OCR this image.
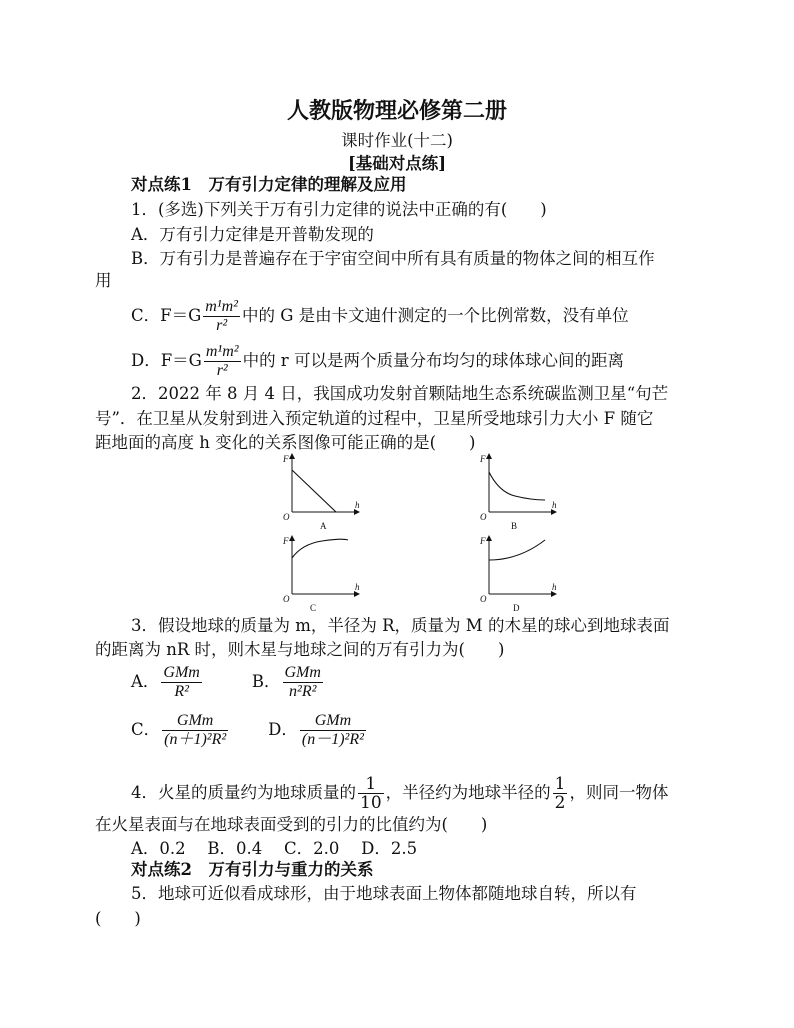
人教版物理必修第二册
课时作业(十二)
[基础对点练]
对点练1　万有引力定律的理解及应用
1．(多选)下列关于万有引力定律的说法中正确的有(　　)
A．万有引力定律是开普勒发现的
B．万有引力是普遍存在于宇宙空间中所有具有质量的物体之间的相互作
用
C．$F=G \frac{\text{m¹m²}}{\text{r²}}$ 中的 G 是由卡文迪什测定的一个比例常数，没有单位
D．$F=G \frac{\text{m¹m²}}{\text{r²}}$ 中的 r 可以是两个质量分布均匀的球体球心间的距离
2．2022 年 8 月 4 日，我国成功发射首颗陆地生态系统碳监测卫星“句芒
号”．在卫星从发射到进入预定轨道的过程中，卫星所受地球引力大小 F 随它
距地面的高度 h 变化的关系图像可能正确的是(　　)
F
h
O
A
F
h
O
B
F
h
O
C
F
h
O
D
3．假设地球的质量为 m，半径为 R，质量为 M 的木星的球心到地球表面
的距离为 nR 时，则木星与地球之间的万有引力为(　　)
A． $\frac{\text{GMm}}{\text{R²}}$	B． $\frac{\text{GMm}}{\text{n²R²}}$
C． $\frac{\text{GMm}}{\text{(n＋1)²R²}}$ D． $\frac{\text{GMm}}{\text{(n－1)²R²}}$
4．火星的质量约为地球质量的 $\frac{1}{10}$ ，半径约为地球半径的 $\frac{1}{2}$ ，则同一物体
在火星表面与在地球表面受到的引力的比值约为(　　)
A．0.2　 B．0.4　 C．2.0　 D．2.5
对点练2　万有引力与重力的关系
5．地球可近似看成球形，由于地球表面上物体都随地球自转，所以有
(　　)
